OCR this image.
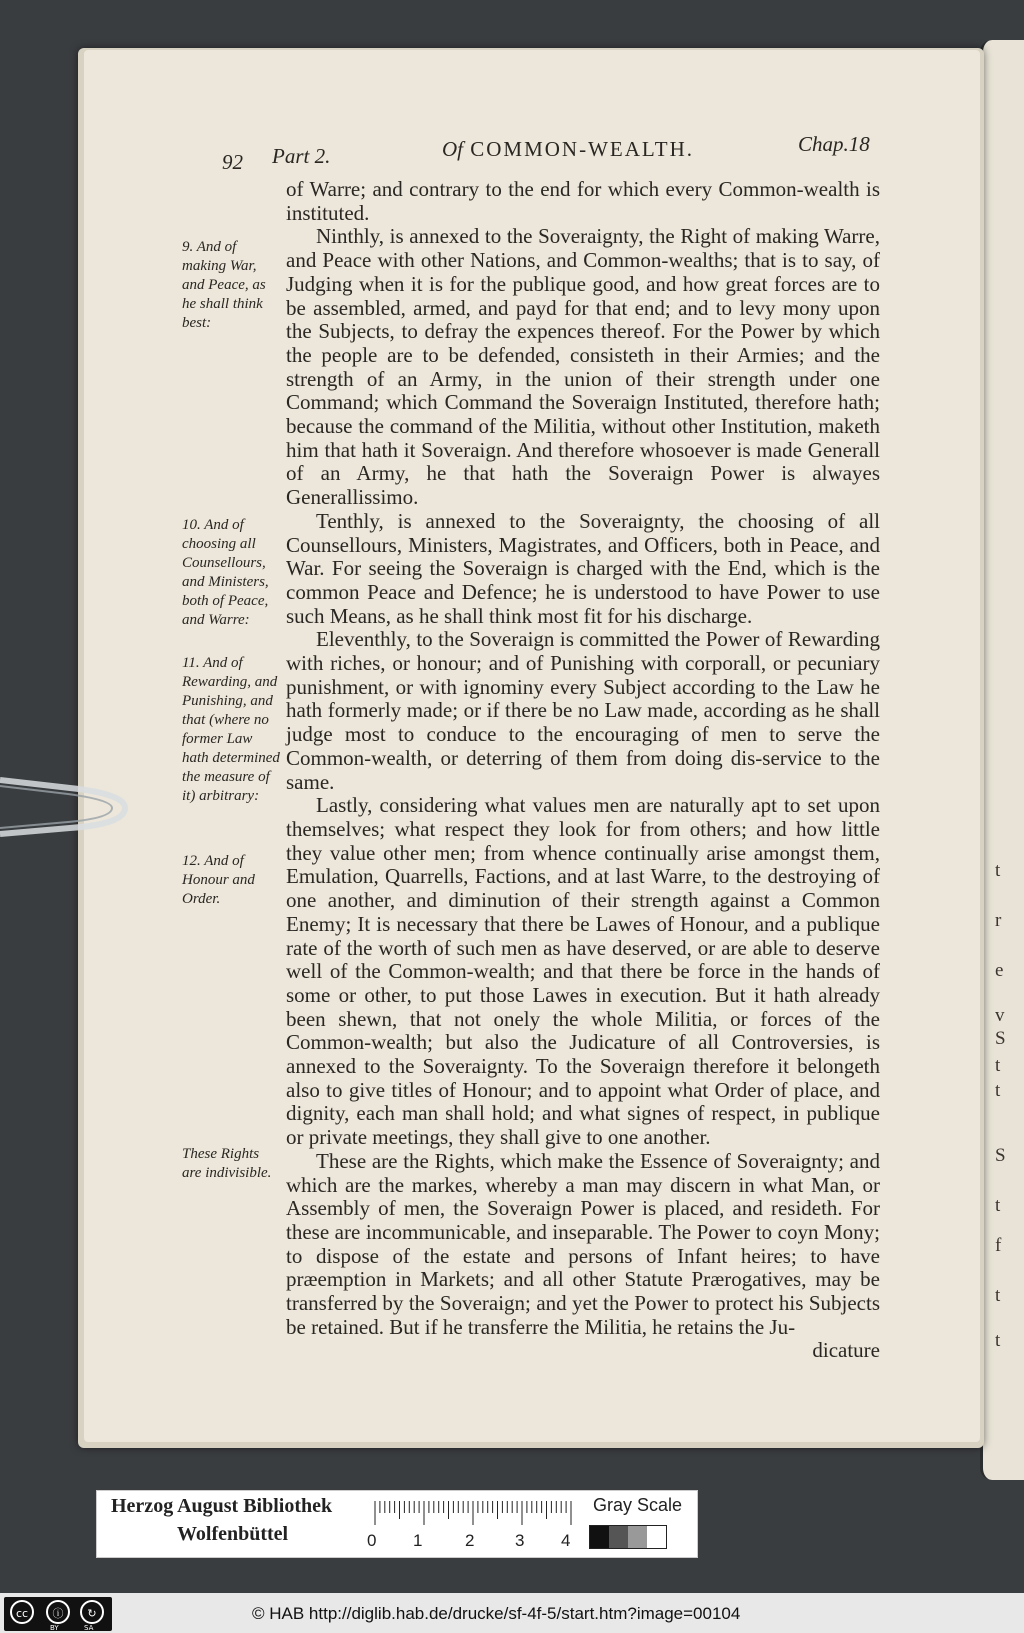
t
r
e
v
S
t
t
S
t
f
t
t
92 Part 2.	Of COMMON-WEALTH.	Chap.18

of Warre; and contrary to the end for which every Common-wealth is instituted.

Ninthly, is annexed to the Soveraignty, the Right of making Warre, and Peace with other Nations, and Common-wealths; that is to say, of Judging when it is for the publique good, and how great forces are to be assembled, armed, and payd for that end; and to levy mony upon the Subjects, to defray the expences thereof. For the Power by which the people are to be defended, consisteth in their Armies; and the strength of an Army, in the union of their strength under one Command; which Command the Soveraign Instituted, therefore hath; because the command of the Militia, without other Institution, maketh him that hath it Soveraign. And therefore whosoever is made Generall of an Army, he that hath the Soveraign Power is alwayes Generallissimo.

Tenthly, is annexed to the Soveraignty, the choosing of all Counsellours, Ministers, Magistrates, and Officers, both in Peace, and War. For seeing the Soveraign is charged with the End, which is the common Peace and Defence; he is understood to have Power to use such Means, as he shall think most fit for his discharge.

Eleventhly, to the Soveraign is committed the Power of Rewarding with riches, or honour; and of Punishing with corporall, or pecuniary punishment, or with ignominy every Subject according to the Law he hath formerly made; or if there be no Law made, according as he shall judge most to conduce to the encouraging of men to serve the Common-wealth, or deterring of them from doing dis-service to the same.

Lastly, considering what values men are naturally apt to set upon themselves; what respect they look for from others; and how little they value other men; from whence continually arise amongst them, Emulation, Quarrells, Factions, and at last Warre, to the destroying of one another, and diminution of their strength against a Common Enemy; It is necessary that there be Lawes of Honour, and a publique rate of the worth of such men as have deserved, or are able to deserve well of the Common-wealth; and that there be force in the hands of some or other, to put those Lawes in execution. But it hath already been shewn, that not onely the whole Militia, or forces of the Common-wealth; but also the Judicature of all Controversies, is annexed to the Soveraignty. To the Soveraign therefore it belongeth also to give titles of Honour; and to appoint what Order of place, and dignity, each man shall hold; and what signes of respect, in publique or private meetings, they shall give to one another.

These are the Rights, which make the Essence of Soveraignty; and which are the markes, whereby a man may discern in what Man, or Assembly of men, the Soveraign Power is placed, and resideth. For these are incommunicable, and inseparable. The Power to coyn Mony; to dispose of the estate and persons of Infant heires; to have præemption in Markets; and all other Statute Prærogatives, may be transferred by the Soveraign; and yet the Power to protect his Subjects be retained. But if he transferre the Militia, he retains the Ju-

dicature
9. And of making War, and Peace, as he shall think best:
10. And of choosing all Counsellours, and Ministers, both of Peace, and Warre:
11. And of Rewarding, and Punishing, and that (where no former Law hath determined the measure of it) arbitrary:
12. And of Honour and Order.
These Rights are indivisible.
Herzog August Bibliothek
Wolfenbüttel	0 1	2 3 4
Gray Scale
cc	ⓘ	↻
BY	SA
© HAB http://diglib.hab.de/drucke/sf-4f-5/start.htm?image=00104
